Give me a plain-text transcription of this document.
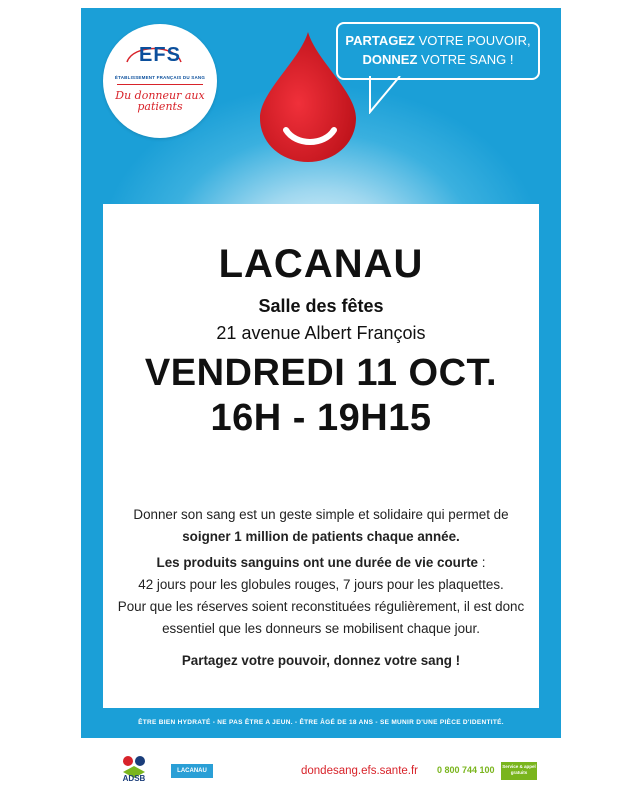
EFS
ÉTABLISSEMENT FRANÇAIS DU SANG
Du donneur aux patients
PARTAGEZ VOTRE POUVOIR,
DONNEZ VOTRE SANG !
LACANAU
Salle des fêtes
21 avenue Albert François
VENDREDI 11 OCT.
16H - 19H15
Donner son sang est un geste simple et solidaire qui permet de
soigner 1 million de patients chaque année.
Les produits sanguins ont une durée de vie courte :
42 jours pour les globules rouges, 7 jours pour les plaquettes.
Pour que les réserves soient reconstituées régulièrement, il est donc essentiel que les donneurs se mobilisent chaque jour.
Partagez votre pouvoir, donnez votre sang !
ÊTRE BIEN HYDRATÉ - NE PAS ÊTRE A JEUN. - ÊTRE ÂGÉ DE 18 ANS - SE MUNIR D'UNE PIÈCE D'IDENTITÉ.
ADSB
LACANAU	dondesang.efs.sante.fr 0 800 744 100 Service & appel gratuits
